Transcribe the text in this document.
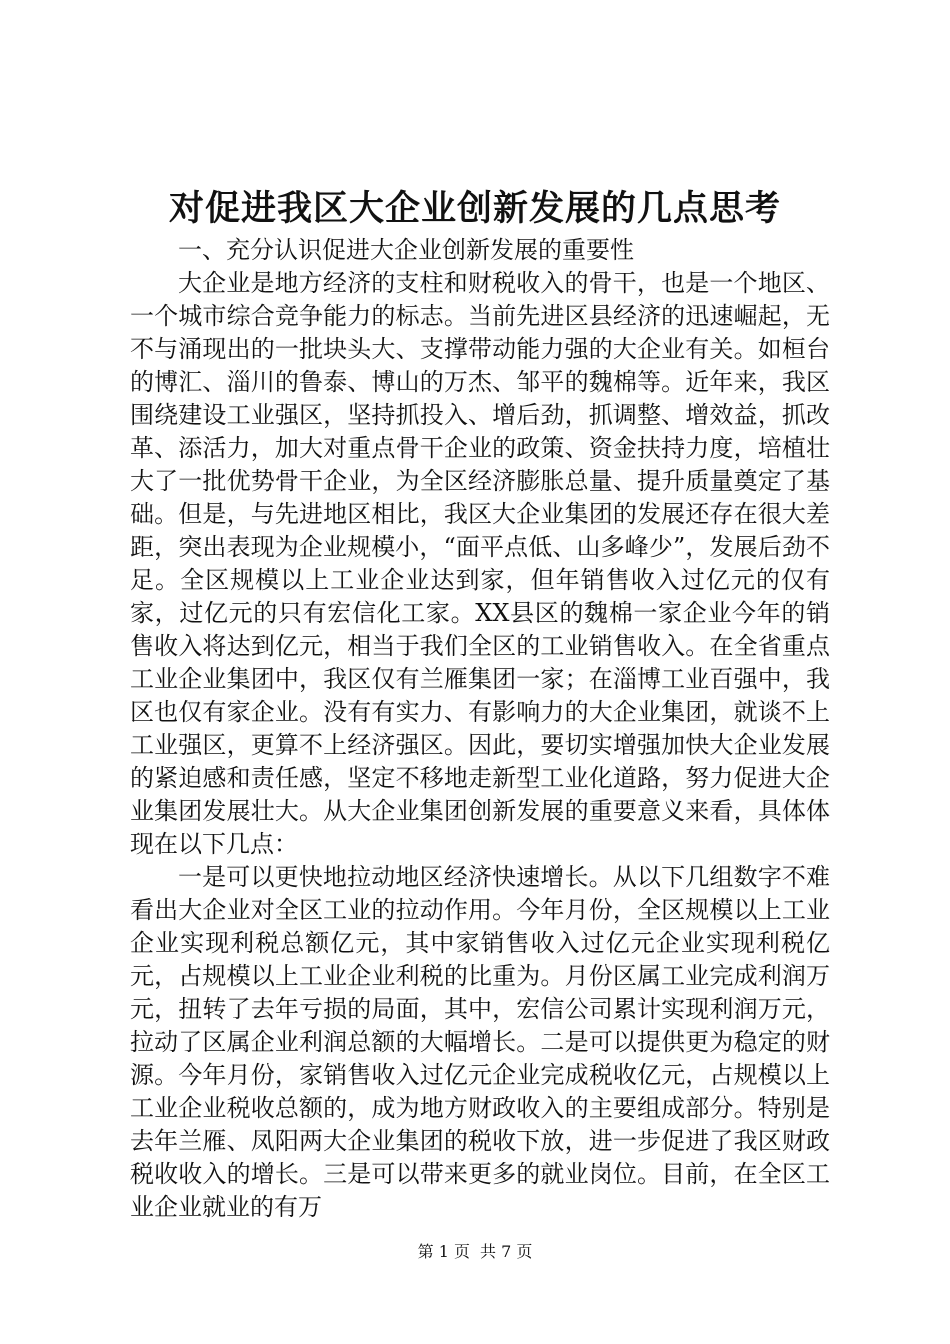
对促进我区大企业创新发展的几点思考

一、充分认识促进大企业创新发展的重要性

大企业是地方经济的支柱和财税收入的骨干，也是一个地区、一个城市综合竞争能力的标志。当前先进区县经济的迅速崛起，无不与涌现出的一批块头大、支撑带动能力强的大企业有关。如桓台的博汇、淄川的鲁泰、博山的万杰、邹平的魏棉等。近年来，我区围绕建设工业强区，坚持抓投入、增后劲，抓调整、增效益，抓改革、添活力，加大对重点骨干企业的政策、资金扶持力度，培植壮大了一批优势骨干企业，为全区经济膨胀总量、提升质量奠定了基础。但是，与先进地区相比，我区大企业集团的发展还存在很大差距，突出表现为企业规模小，“面平点低、山多峰少”，发展后劲不足。全区规模以上工业企业达到家，但年销售收入过亿元的仅有家，过亿元的只有宏信化工家。XX县区的魏棉一家企业今年的销售收入将达到亿元，相当于我们全区的工业销售收入。在全省重点工业企业集团中，我区仅有兰雁集团一家；在淄博工业百强中，我区也仅有家企业。没有有实力、有影响力的大企业集团，就谈不上工业强区，更算不上经济强区。因此，要切实增强加快大企业发展的紧迫感和责任感，坚定不移地走新型工业化道路，努力促进大企业集团发展壮大。从大企业集团创新发展的重要意义来看，具体体现在以下几点：

一是可以更快地拉动地区经济快速增长。从以下几组数字不难看出大企业对全区工业的拉动作用。今年月份，全区规模以上工业企业实现利税总额亿元，其中家销售收入过亿元企业实现利税亿元，占规模以上工业企业利税的比重为。月份区属工业完成利润万元，扭转了去年亏损的局面，其中，宏信公司累计实现利润万元，拉动了区属企业利润总额的大幅增长。二是可以提供更为稳定的财源。今年月份，家销售收入过亿元企业完成税收亿元，占规模以上工业企业税收总额的，成为地方财政收入的主要组成部分。特别是去年兰雁、凤阳两大企业集团的税收下放，进一步促进了我区财政税收收入的增长。三是可以带来更多的就业岗位。目前，在全区工业企业就业的有万

第 1 页 共 7 页
